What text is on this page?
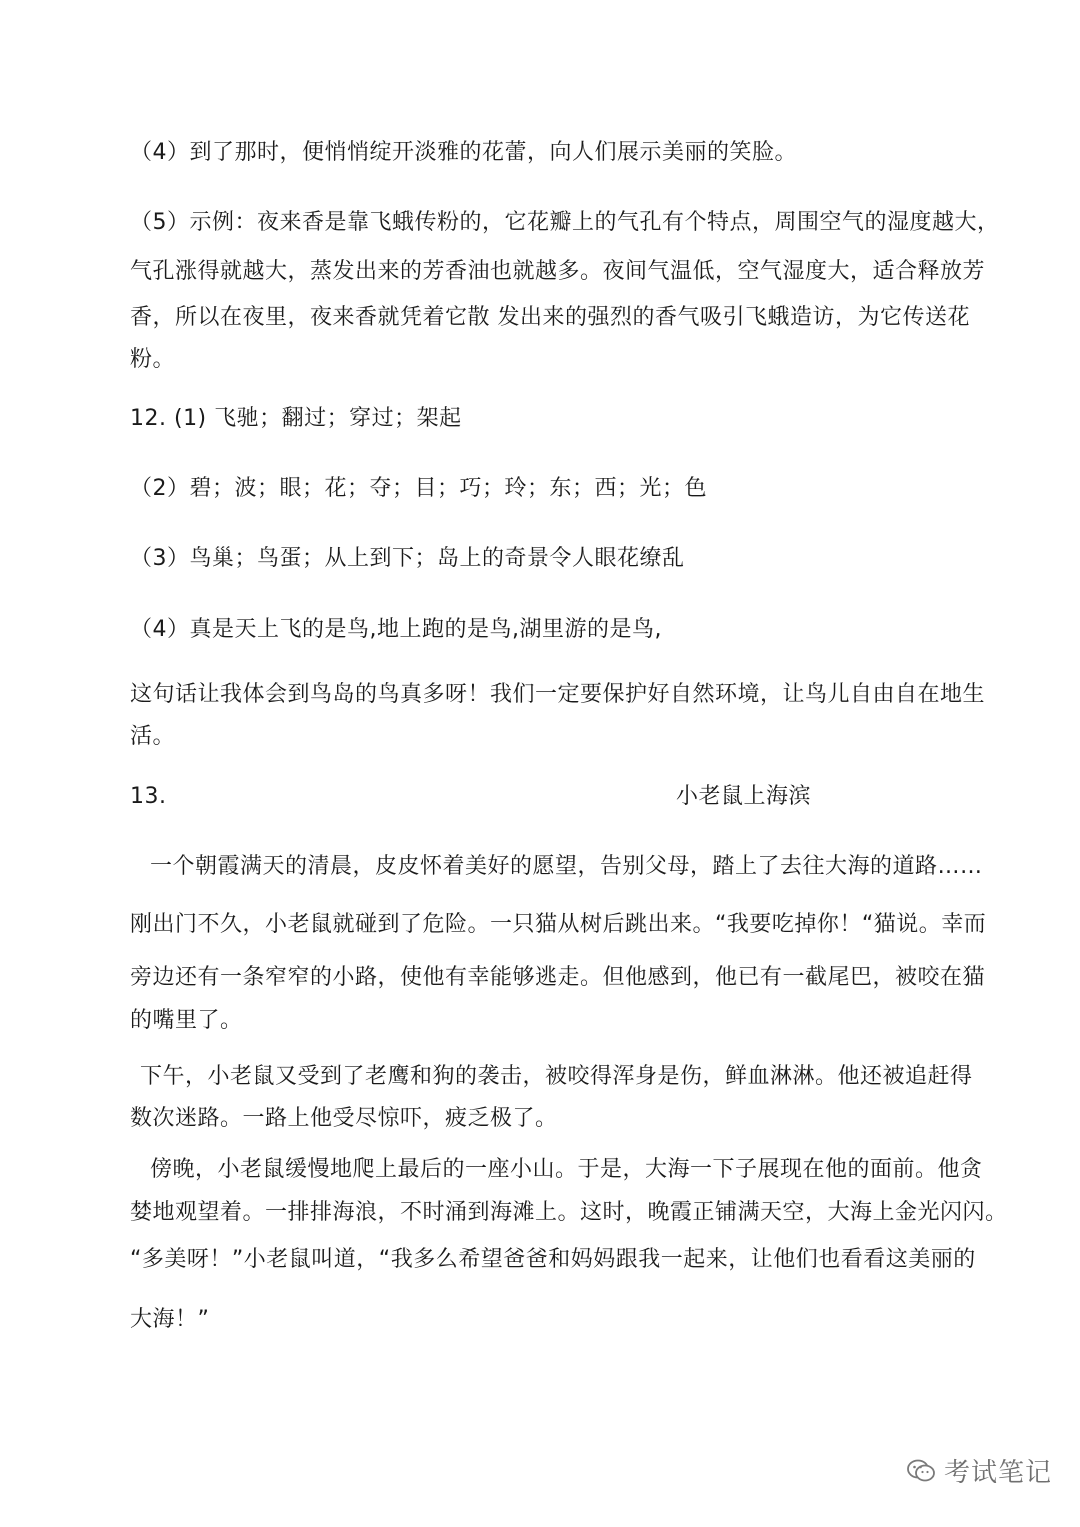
（4）到了那时，便悄悄绽开淡雅的花蕾，向人们展示美丽的笑脸。
（5）示例：夜来香是靠飞蛾传粉的，它花瓣上的气孔有个特点，周围空气的湿度越大，
气孔涨得就越大，蒸发出来的芳香油也就越多。夜间气温低，空气湿度大，适合释放芳
香，所以在夜里，夜来香就凭着它散 发出来的强烈的香气吸引飞蛾造访，为它传送花
粉。
12. (1) 飞驰；翻过；穿过；架起
（2）碧；波；眼；花；夺；目；巧；玲；东；西；光；色
（3）鸟巢；鸟蛋；从上到下；岛上的奇景令人眼花缭乱
（4）真是天上飞的是鸟,地上跑的是鸟,湖里游的是鸟,
这句话让我体会到鸟岛的鸟真多呀！我们一定要保护好自然环境，让鸟儿自由自在地生
活。
13.	小老鼠上海滨
一个朝霞满天的清晨，皮皮怀着美好的愿望，告别父母，踏上了去往大海的道路……
刚出门不久，小老鼠就碰到了危险。一只猫从树后跳出来。“我要吃掉你！“猫说。幸而
旁边还有一条窄窄的小路，使他有幸能够逃走。但他感到，他已有一截尾巴，被咬在猫
的嘴里了。
下午，小老鼠又受到了老鹰和狗的袭击，被咬得浑身是伤，鲜血淋淋。他还被追赶得
数次迷路。一路上他受尽惊吓，疲乏极了。
傍晚，小老鼠缓慢地爬上最后的一座小山。于是，大海一下子展现在他的面前。他贪
婪地观望着。一排排海浪，不时涌到海滩上。这时，晚霞正铺满天空，大海上金光闪闪。
“多美呀！”小老鼠叫道，“我多么希望爸爸和妈妈跟我一起来，让他们也看看这美丽的
大海！”
考试笔记
